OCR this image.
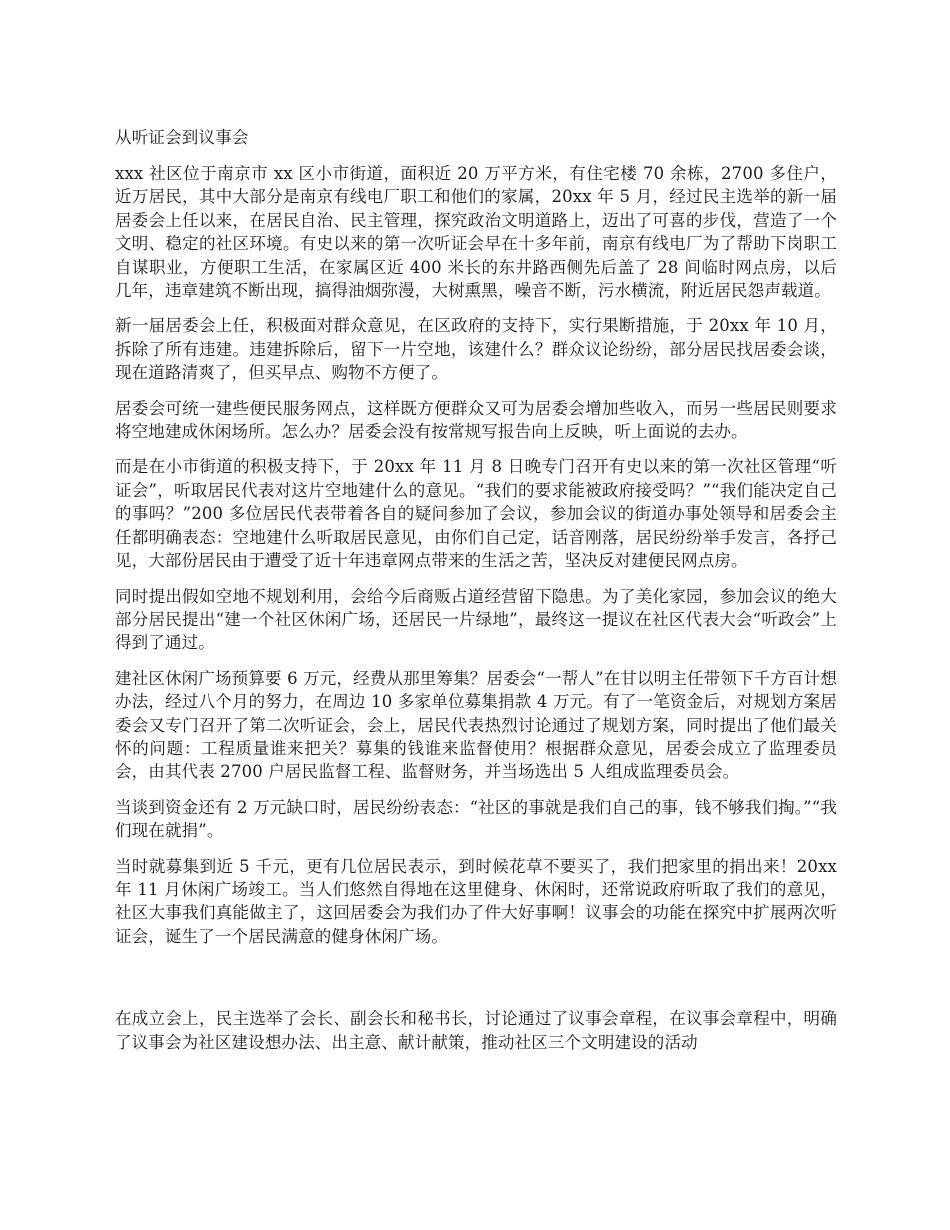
从听证会到议事会

xxx 社区位于南京市 xx 区小市街道，面积近 20 万平方米，有住宅楼 70 余栋，2700 多住户，近万居民，其中大部分是南京有线电厂职工和他们的家属，20xx 年 5 月，经过民主选举的新一届居委会上任以来，在居民自治、民主管理，探究政治文明道路上，迈出了可喜的步伐，营造了一个文明、稳定的社区环境。有史以来的第一次听证会早在十多年前，南京有线电厂为了帮助下岗职工自谋职业，方便职工生活，在家属区近 400 米长的东井路西侧先后盖了 28 间临时网点房，以后几年，违章建筑不断出现，搞得油烟弥漫，大树熏黑，噪音不断，污水横流，附近居民怨声载道。

新一届居委会上任，积极面对群众意见，在区政府的支持下，实行果断措施，于 20xx 年 10 月，拆除了所有违建。违建拆除后，留下一片空地，该建什么？群众议论纷纷，部分居民找居委会谈，现在道路清爽了，但买早点、购物不方便了。

居委会可统一建些便民服务网点，这样既方便群众又可为居委会增加些收入，而另一些居民则要求将空地建成休闲场所。怎么办？居委会没有按常规写报告向上反映，听上面说的去办。

而是在小市街道的积极支持下，于 20xx 年 11 月 8 日晚专门召开有史以来的第一次社区管理“听证会”，听取居民代表对这片空地建什么的意见。“我们的要求能被政府接受吗？”“我们能决定自己的事吗？”200 多位居民代表带着各自的疑问参加了会议，参加会议的街道办事处领导和居委会主任都明确表态：空地建什么听取居民意见，由你们自己定，话音刚落，居民纷纷举手发言，各抒己见，大部份居民由于遭受了近十年违章网点带来的生活之苦，坚决反对建便民网点房。

同时提出假如空地不规划利用，会给今后商贩占道经营留下隐患。为了美化家园，参加会议的绝大部分居民提出“建一个社区休闲广场，还居民一片绿地”，最终这一提议在社区代表大会“听政会”上得到了通过。

建社区休闲广场预算要 6 万元，经费从那里筹集？居委会“一帮人”在甘以明主任带领下千方百计想办法，经过八个月的努力，在周边 10 多家单位募集捐款 4 万元。有了一笔资金后，对规划方案居委会又专门召开了第二次听证会，会上，居民代表热烈讨论通过了规划方案，同时提出了他们最关怀的问题：工程质量谁来把关？募集的钱谁来监督使用？根据群众意见，居委会成立了监理委员会，由其代表 2700 户居民监督工程、监督财务，并当场选出 5 人组成监理委员会。

当谈到资金还有 2 万元缺口时，居民纷纷表态：“社区的事就是我们自己的事，钱不够我们掏。”“我们现在就捐”。

当时就募集到近 5 千元，更有几位居民表示，到时候花草不要买了，我们把家里的捐出来！20xx 年 11 月休闲广场竣工。当人们悠然自得地在这里健身、休闲时，还常说政府听取了我们的意见，社区大事我们真能做主了，这回居委会为我们办了件大好事啊！议事会的功能在探究中扩展两次听证会，诞生了一个居民满意的健身休闲广场。

在成立会上，民主选举了会长、副会长和秘书长，讨论通过了议事会章程，在议事会章程中，明确了议事会为社区建设想办法、出主意、献计献策，推动社区三个文明建设的活动
